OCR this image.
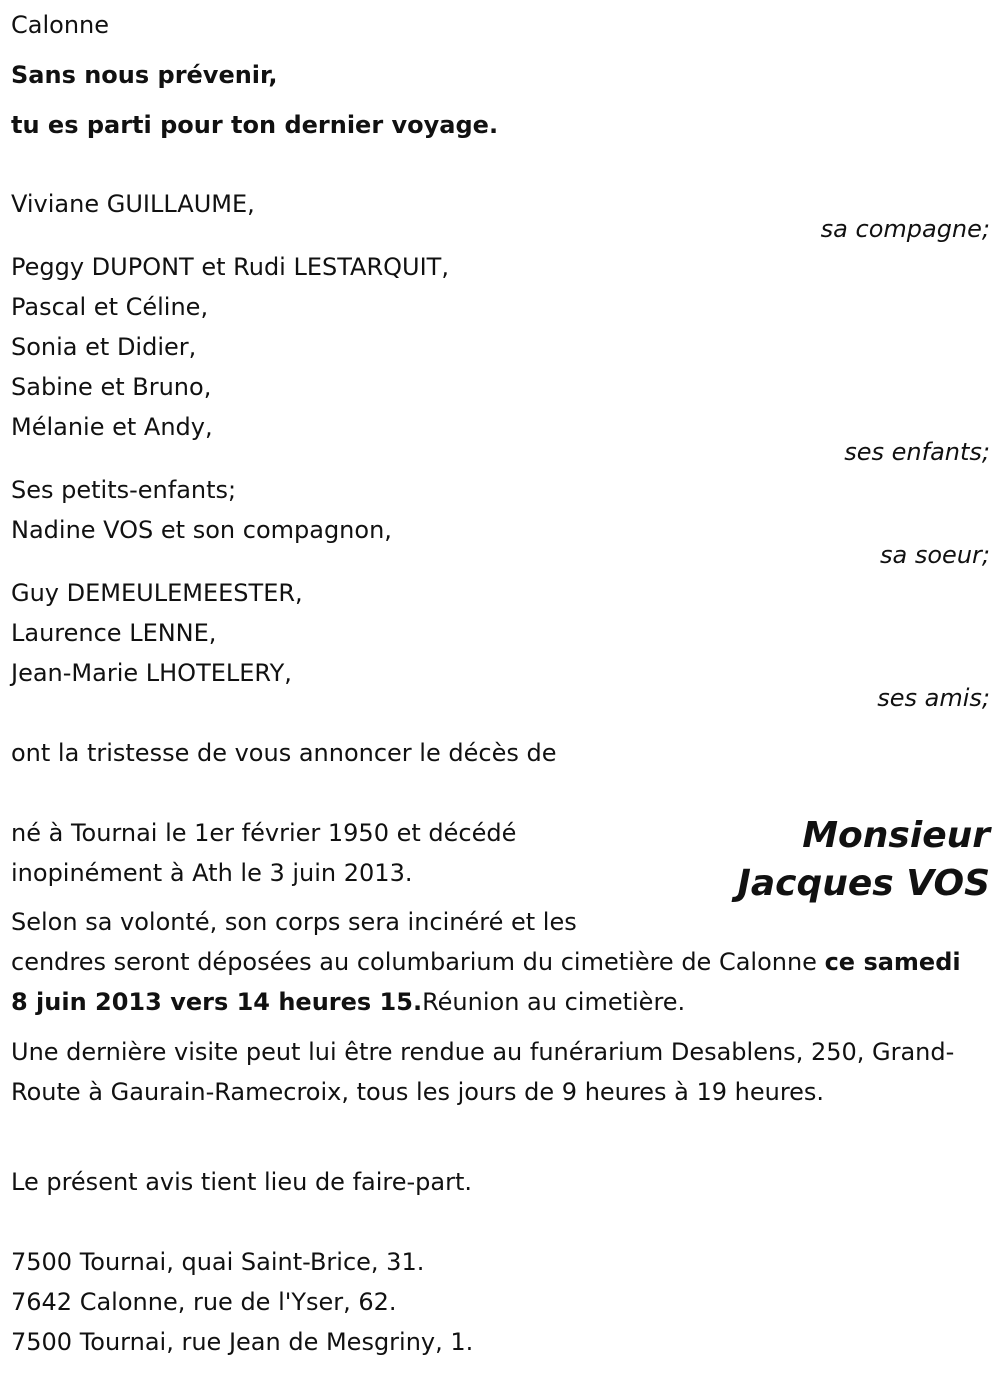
Calonne

Sans nous prévenir,

tu es parti pour ton dernier voyage.

Viviane GUILLAUME,

sa compagne;
Peggy DUPONT et Rudi LESTARQUIT,
Pascal et Céline,
Sonia et Didier,
Sabine et Bruno,
Mélanie et Andy,
ses enfants;

Ses petits-enfants;

Nadine VOS et son compagnon,

sa soeur;
Guy DEMEULEMEESTER,
Laurence LENNE,
Jean-Marie LHOTELERY,
ses amis;

ont la tristesse de vous annoncer le décès de

né à Tournai le 1er février 1950 et décédé
inopinément à Ath le 3 juin 2013.
Monsieur
Jacques VOS

Selon sa volonté, son corps sera incinéré et les

cendres seront déposées au columbarium du cimetière de Calonne ce samedi 8 juin 2013 vers 14 heures 15.Réunion au cimetière.

Une dernière visite peut lui être rendue au funérarium Desablens, 250, Grand-Route à Gaurain-Ramecroix, tous les jours de 9 heures à 19 heures.

Le présent avis tient lieu de faire-part.

7500 Tournai, quai Saint-Brice, 31.
7642 Calonne, rue de l'Yser, 62.
7500 Tournai, rue Jean de Mesgriny, 1.
